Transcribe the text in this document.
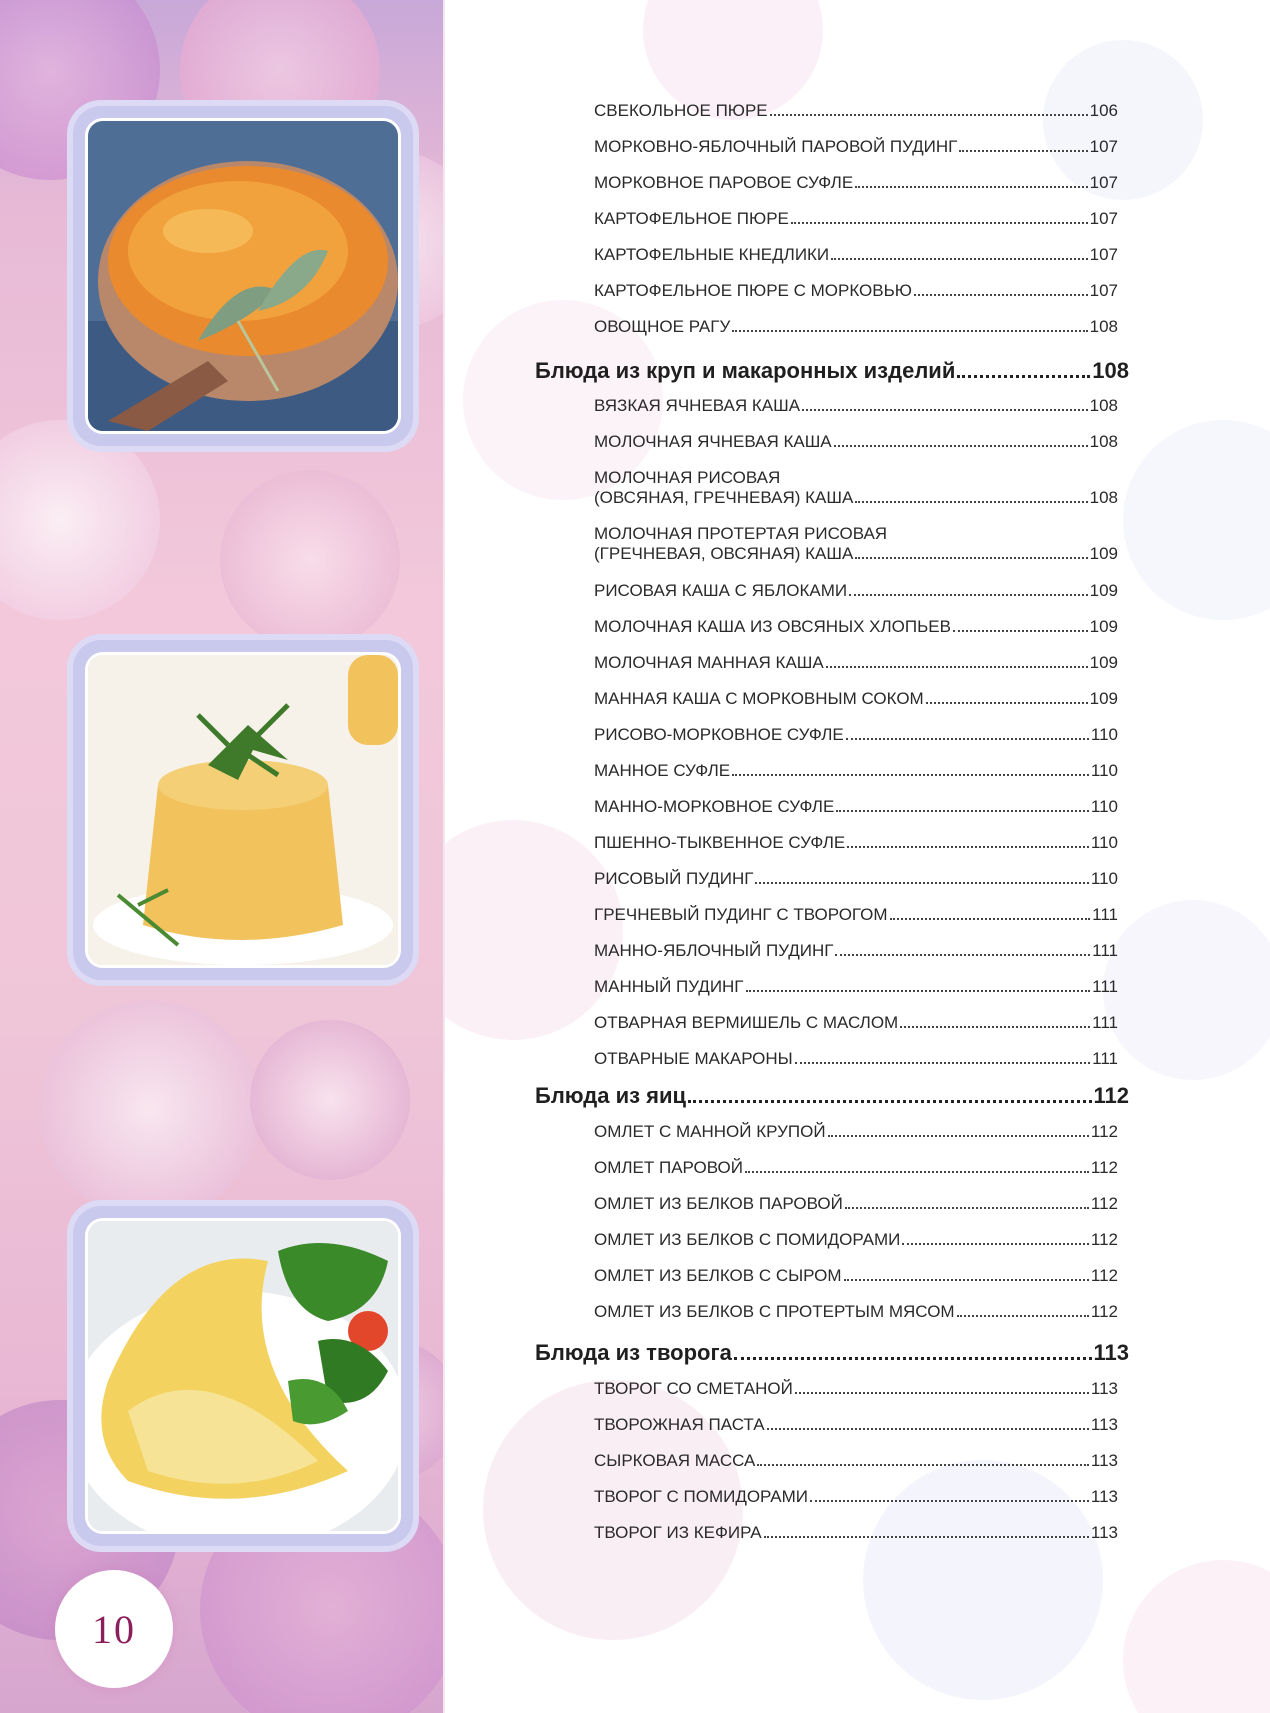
10
СВЕКОЛЬНОЕ ПЮРЕ	106
МОРКОВНО-ЯБЛОЧНЫЙ ПАРОВОЙ ПУДИНГ	107
МОРКОВНОЕ ПАРОВОЕ СУФЛЕ	107
КАРТОФЕЛЬНОЕ ПЮРЕ	107
КАРТОФЕЛЬНЫЕ КНЕДЛИКИ	107
КАРТОФЕЛЬНОЕ ПЮРЕ С МОРКОВЬЮ	107
ОВОЩНОЕ РАГУ	108
Блюда из круп и макаронных изделий	108
ВЯЗКАЯ ЯЧНЕВАЯ КАША	108
МОЛОЧНАЯ ЯЧНЕВАЯ КАША	108
МОЛОЧНАЯ РИСОВАЯ
(ОВСЯНАЯ, ГРЕЧНЕВАЯ) КАША	108
МОЛОЧНАЯ ПРОТЕРТАЯ РИСОВАЯ
(ГРЕЧНЕВАЯ, ОВСЯНАЯ) КАША	109
РИСОВАЯ КАША С ЯБЛОКАМИ	109
МОЛОЧНАЯ КАША ИЗ ОВСЯНЫХ ХЛОПЬЕВ	109
МОЛОЧНАЯ МАННАЯ КАША	109
МАННАЯ КАША С МОРКОВНЫМ СОКОМ	109
РИСОВО-МОРКОВНОЕ СУФЛЕ	110
МАННОЕ СУФЛЕ	110
МАННО-МОРКОВНОЕ СУФЛЕ	110
ПШЕННО-ТЫКВЕННОЕ СУФЛЕ	110
РИСОВЫЙ ПУДИНГ	110
ГРЕЧНЕВЫЙ ПУДИНГ С ТВОРОГОМ	111
МАННО-ЯБЛОЧНЫЙ ПУДИНГ	111
МАННЫЙ ПУДИНГ	111
ОТВАРНАЯ ВЕРМИШЕЛЬ С МАСЛОМ	111
ОТВАРНЫЕ МАКАРОНЫ	111
Блюда из яиц	112
ОМЛЕТ С МАННОЙ КРУПОЙ	112
ОМЛЕТ ПАРОВОЙ	112
ОМЛЕТ ИЗ БЕЛКОВ ПАРОВОЙ	112
ОМЛЕТ ИЗ БЕЛКОВ С ПОМИДОРАМИ	112
ОМЛЕТ ИЗ БЕЛКОВ С СЫРОМ	112
ОМЛЕТ ИЗ БЕЛКОВ С ПРОТЕРТЫМ МЯСОМ	112
Блюда из творога	113
ТВОРОГ СО СМЕТАНОЙ	113
ТВОРОЖНАЯ ПАСТА	113
СЫРКОВАЯ МАССА	113
ТВОРОГ С ПОМИДОРАМИ	113
ТВОРОГ ИЗ КЕФИРА	113
